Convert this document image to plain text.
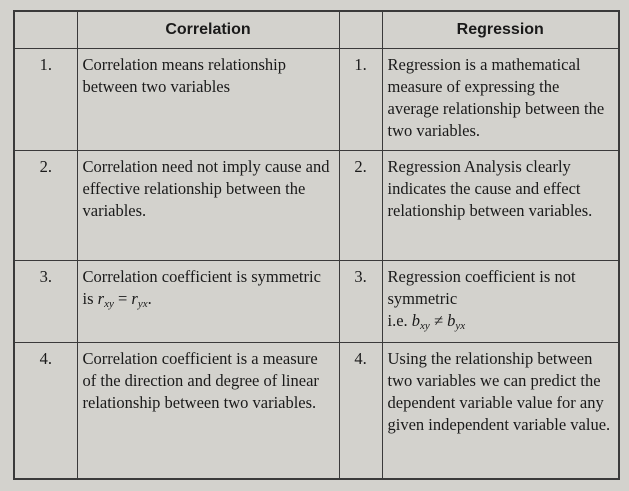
	Correlation		Regression
1.	Correlation means relationship between two variables	1.	Regression is a mathematical measure of expressing the average relationship between the two variables.
2.	Correlation need not imply cause and effective relationship between the variables.	2.	Regression Analysis clearly indicates the cause and effect relationship between variables.
3.	Correlation coefficient is symmetric is $r_{xy} = r_{yx}$.	3.	Regression coefficient is not symmetric
i.e. $b_{xy} \ne b_{yx}$

4.	Correlation coefficient is a measure of the direction and degree of linear relationship between two variables.	4.	Using the relationship between two variables we can predict the dependent variable value for any given independent variable value.
